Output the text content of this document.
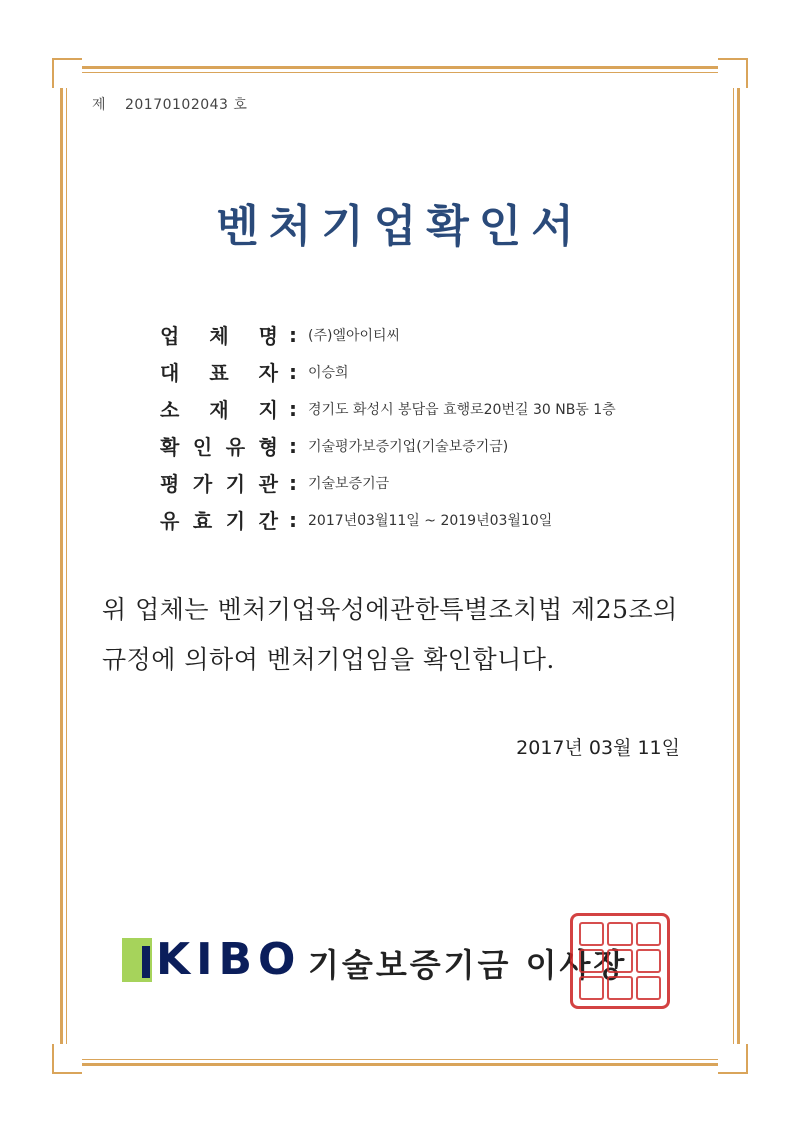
제 20170102043 호
벤처기업확인서
업 체 명 : (주)엘아이티씨
대 표 자 : 이승희
소 재 지 : 경기도 화성시 봉담읍 효행로20번길 30 NB동 1층
확 인 유 형 : 기술평가보증기업(기술보증기금)
평 가 기 관 : 기술보증기금
유 효 기 간 : 2017년03월11일 ~ 2019년03월10일
위 업체는 벤처기업육성에관한특별조치법 제25조의
규정에 의하여 벤처기업임을 확인합니다.
2017년 03월 11일
KIBO 기술보증기금 이사장
